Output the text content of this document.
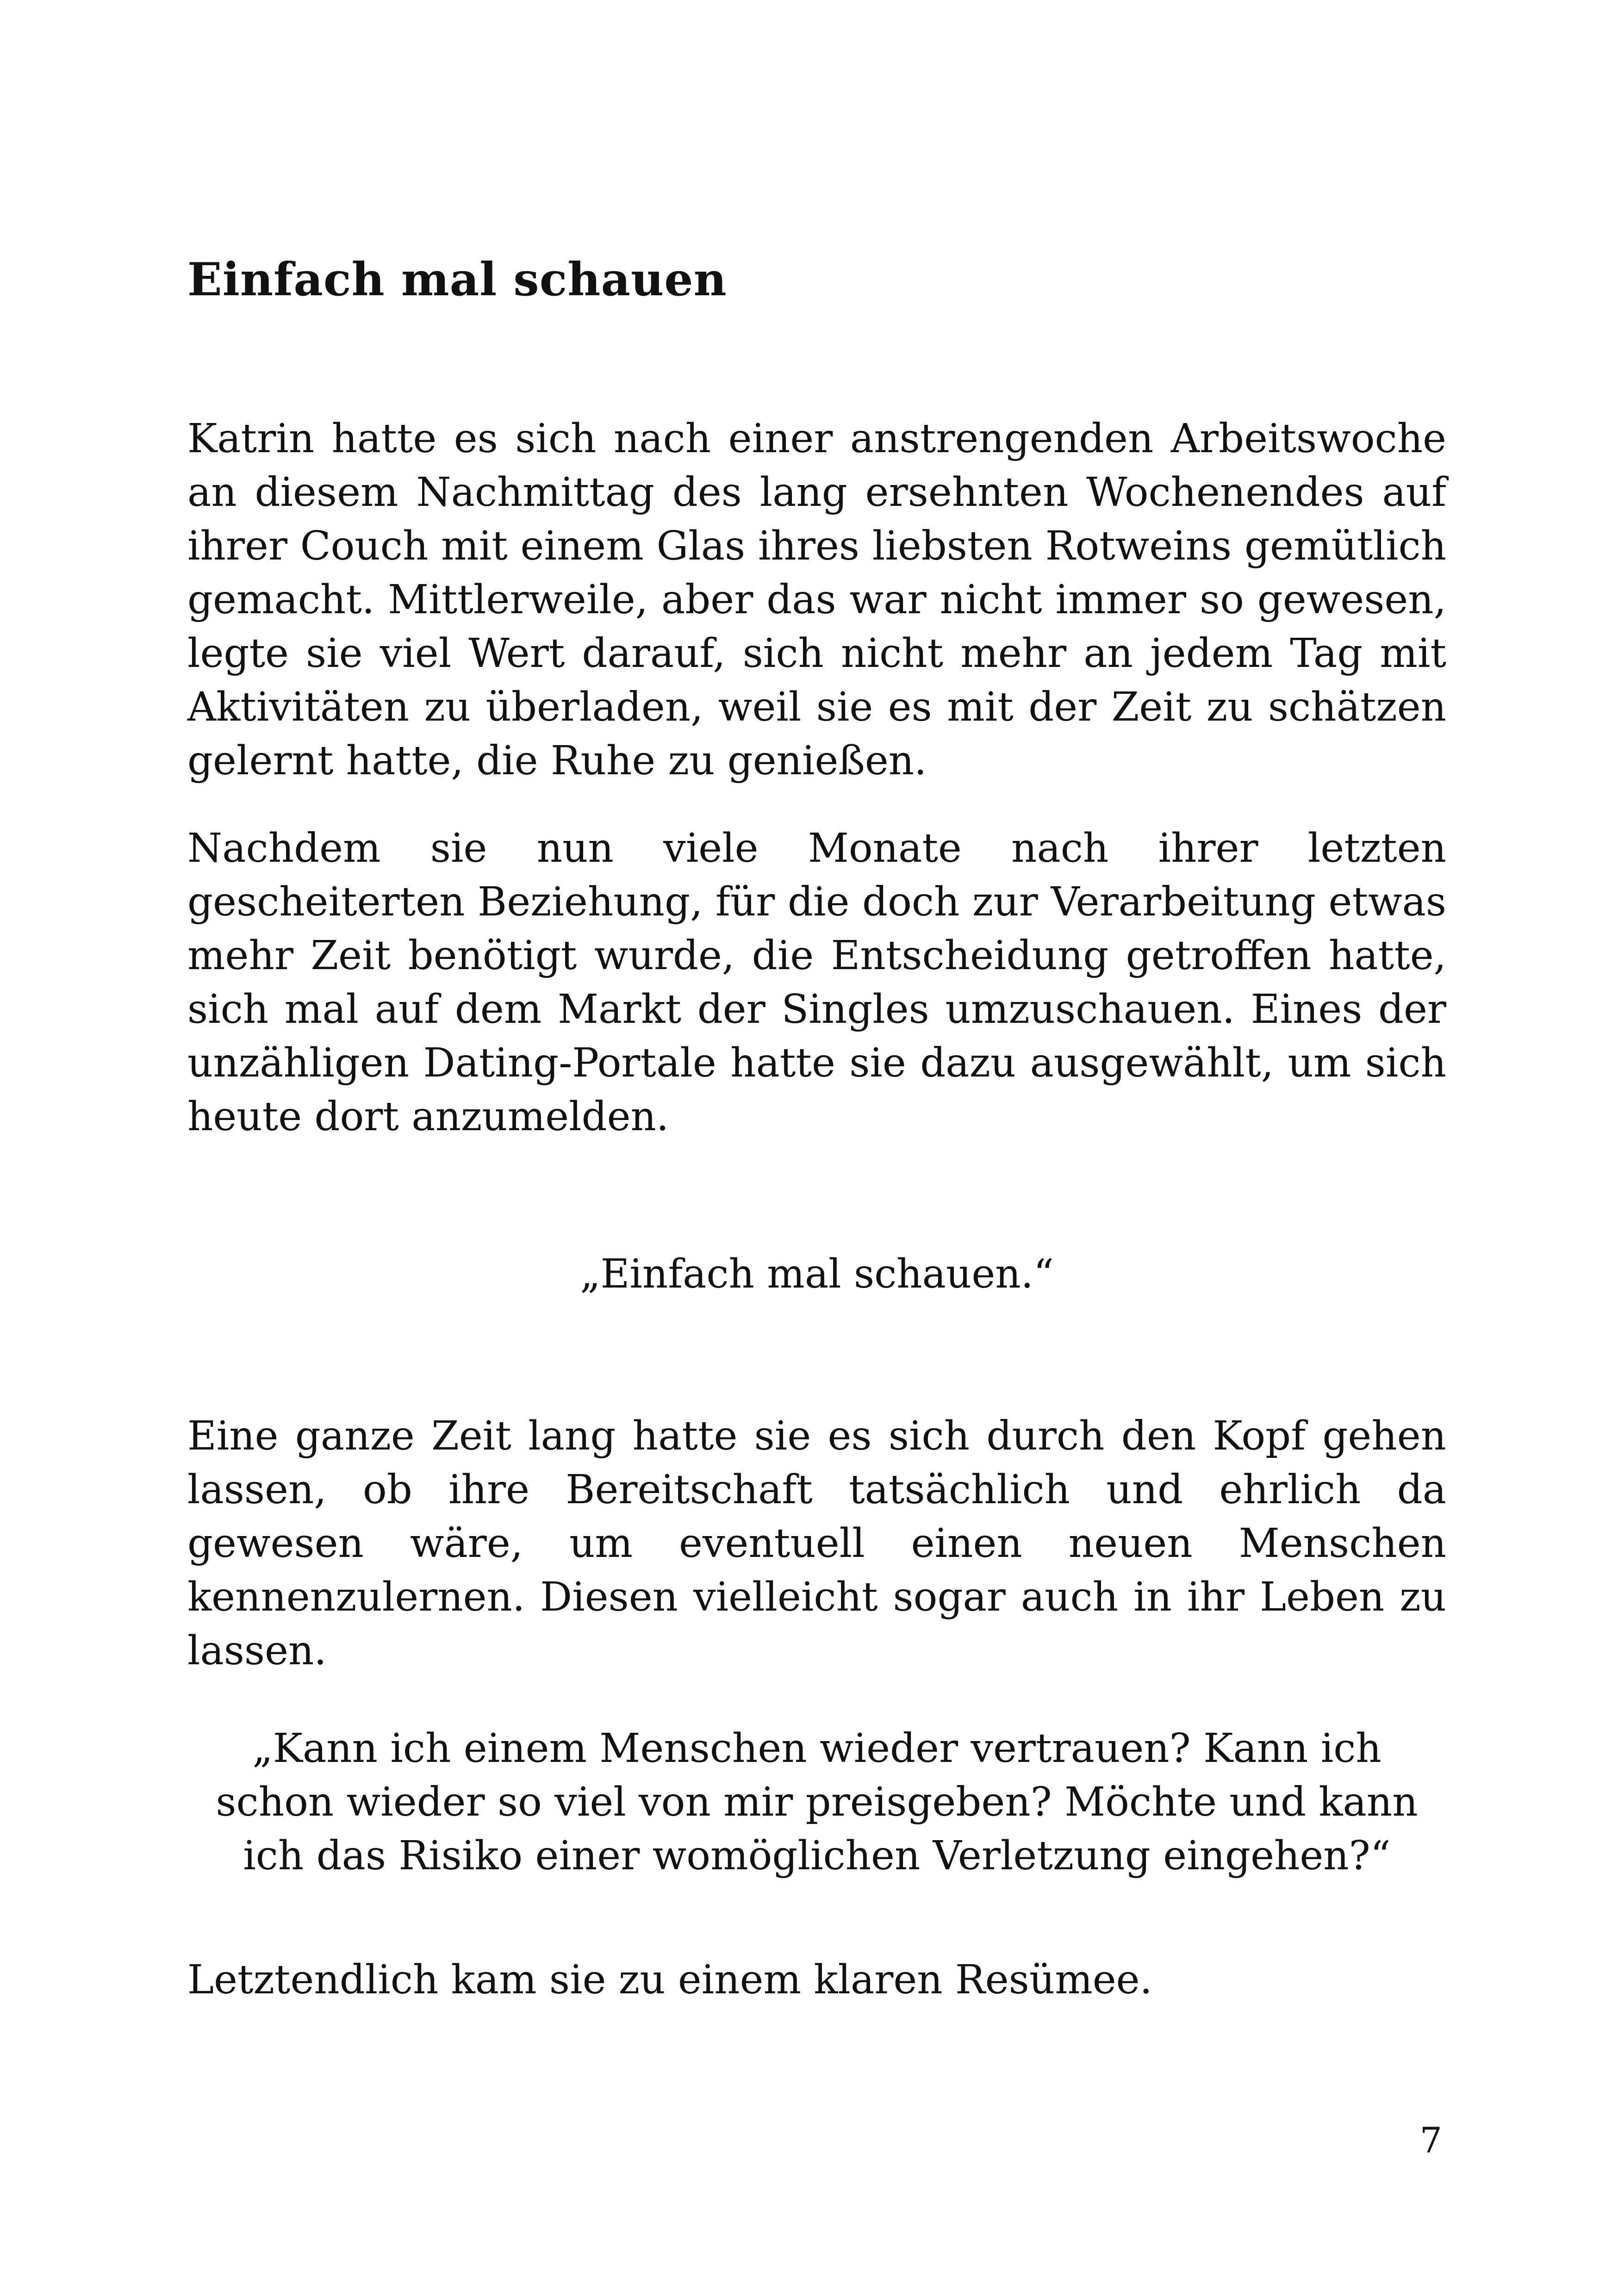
Einfach mal schauen

Katrin hatte es sich nach einer anstrengenden Arbeitswoche an diesem Nachmittag des lang ersehnten Wochenendes auf ihrer Couch mit einem Glas ihres liebsten Rotweins gemütlich gemacht. Mittlerweile, aber das war nicht immer so gewesen, legte sie viel Wert darauf, sich nicht mehr an jedem Tag mit Aktivitäten zu überladen, weil sie es mit der Zeit zu schätzen gelernt hatte, die Ruhe zu genießen.

Nachdem sie nun viele Monate nach ihrer letzten gescheiterten Beziehung, für die doch zur Verarbeitung etwas mehr Zeit benötigt wurde, die Entscheidung getroffen hatte, sich mal auf dem Markt der Singles umzuschauen. Eines der unzähligen Dating-Portale hatte sie dazu ausgewählt, um sich heute dort anzumelden.

„Einfach mal schauen.“

Eine ganze Zeit lang hatte sie es sich durch den Kopf gehen lassen, ob ihre Bereitschaft tatsächlich und ehrlich da gewesen wäre, um eventuell einen neuen Menschen kennenzulernen. Diesen vielleicht sogar auch in ihr Leben zu lassen.

„Kann ich einem Menschen wieder vertrauen? Kann ich schon wieder so viel von mir preisgeben? Möchte und kann ich das Risiko einer womöglichen Verletzung eingehen?“

Letztendlich kam sie zu einem klaren Resümee.

7
